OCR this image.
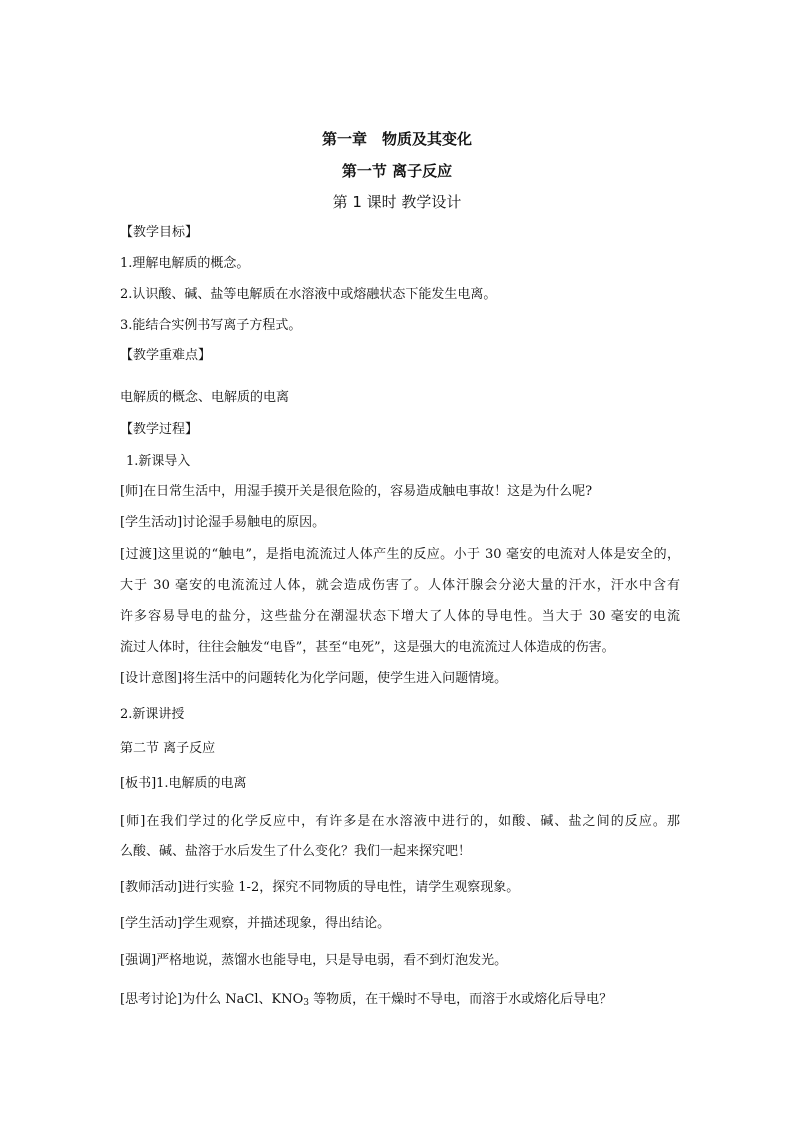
第一章　物质及其变化
第一节 离子反应
第 1 课时 教学设计
【教学目标】
1.理解电解质的概念。
2.认识酸、碱、盐等电解质在水溶液中或熔融状态下能发生电离。
3.能结合实例书写离子方程式。
【教学重难点】
电解质的概念、电解质的电离
【教学过程】
1.新课导入
[师]在日常生活中，用湿手摸开关是很危险的，容易造成触电事故！这是为什么呢?
[学生活动]讨论湿手易触电的原因。
[过渡]这里说的“触电”，是指电流流过人体产生的反应。小于 30 毫安的电流对人体是安全的，
大于 30 毫安的电流流过人体，就会造成伤害了。人体汗腺会分泌大量的汗水，汗水中含有
许多容易导电的盐分，这些盐分在潮湿状态下增大了人体的导电性。当大于 30 毫安的电流
流过人体时，往往会触发“电昏”，甚至“电死”，这是强大的电流流过人体造成的伤害。
[设计意图]将生活中的问题转化为化学问题，使学生进入问题情境。
2.新课讲授
第二节 离子反应
[板书]1.电解质的电离
[师]在我们学过的化学反应中，有许多是在水溶液中进行的，如酸、碱、盐之间的反应。那
么酸、碱、盐溶于水后发生了什么变化？我们一起来探究吧！
[教师活动]进行实验 1-2，探究不同物质的导电性，请学生观察现象。
[学生活动]学生观察，并描述现象，得出结论。
[强调]严格地说，蒸馏水也能导电，只是导电弱，看不到灯泡发光。
[思考讨论]为什么 NaCl、$KNO_3$ 等物质，在干燥时不导电，而溶于水或熔化后导电？
